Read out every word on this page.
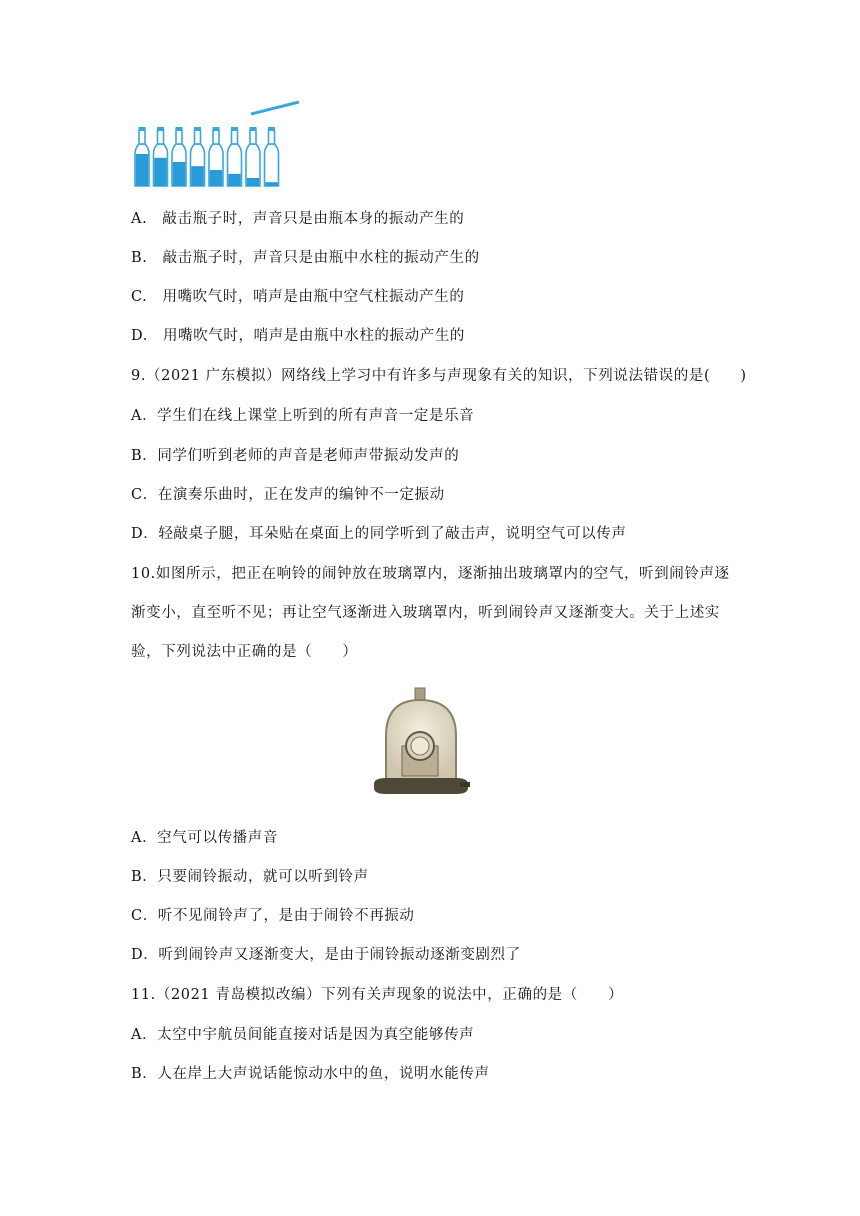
A.　敲击瓶子时，声音只是由瓶本身的振动产生的
B.　敲击瓶子时，声音只是由瓶中水柱的振动产生的
C.　用嘴吹气时，哨声是由瓶中空气柱振动产生的
D.　用嘴吹气时，哨声是由瓶中水柱的振动产生的
9.（2021 广东模拟）网络线上学习中有许多与声现象有关的知识，下列说法错误的是(　　)
A．学生们在线上课堂上听到的所有声音一定是乐音
B．同学们听到老师的声音是老师声带振动发声的
C．在演奏乐曲时，正在发声的编钟不一定振动
D．轻敲桌子腿，耳朵贴在桌面上的同学听到了敲击声，说明空气可以传声
10.如图所示，把正在响铃的闹钟放在玻璃罩内，逐渐抽出玻璃罩内的空气，听到闹铃声逐
渐变小，直至听不见；再让空气逐渐进入玻璃罩内，听到闹铃声又逐渐变大。关于上述实
验，下列说法中正确的是（　　）
A．空气可以传播声音
B．只要闹铃振动，就可以听到铃声
C．听不见闹铃声了，是由于闹铃不再振动
D．听到闹铃声又逐渐变大，是由于闹铃振动逐渐变剧烈了
11.（2021 青岛模拟改编）下列有关声现象的说法中，正确的是（　　）
A．太空中宇航员间能直接对话是因为真空能够传声
B．人在岸上大声说话能惊动水中的鱼，说明水能传声
